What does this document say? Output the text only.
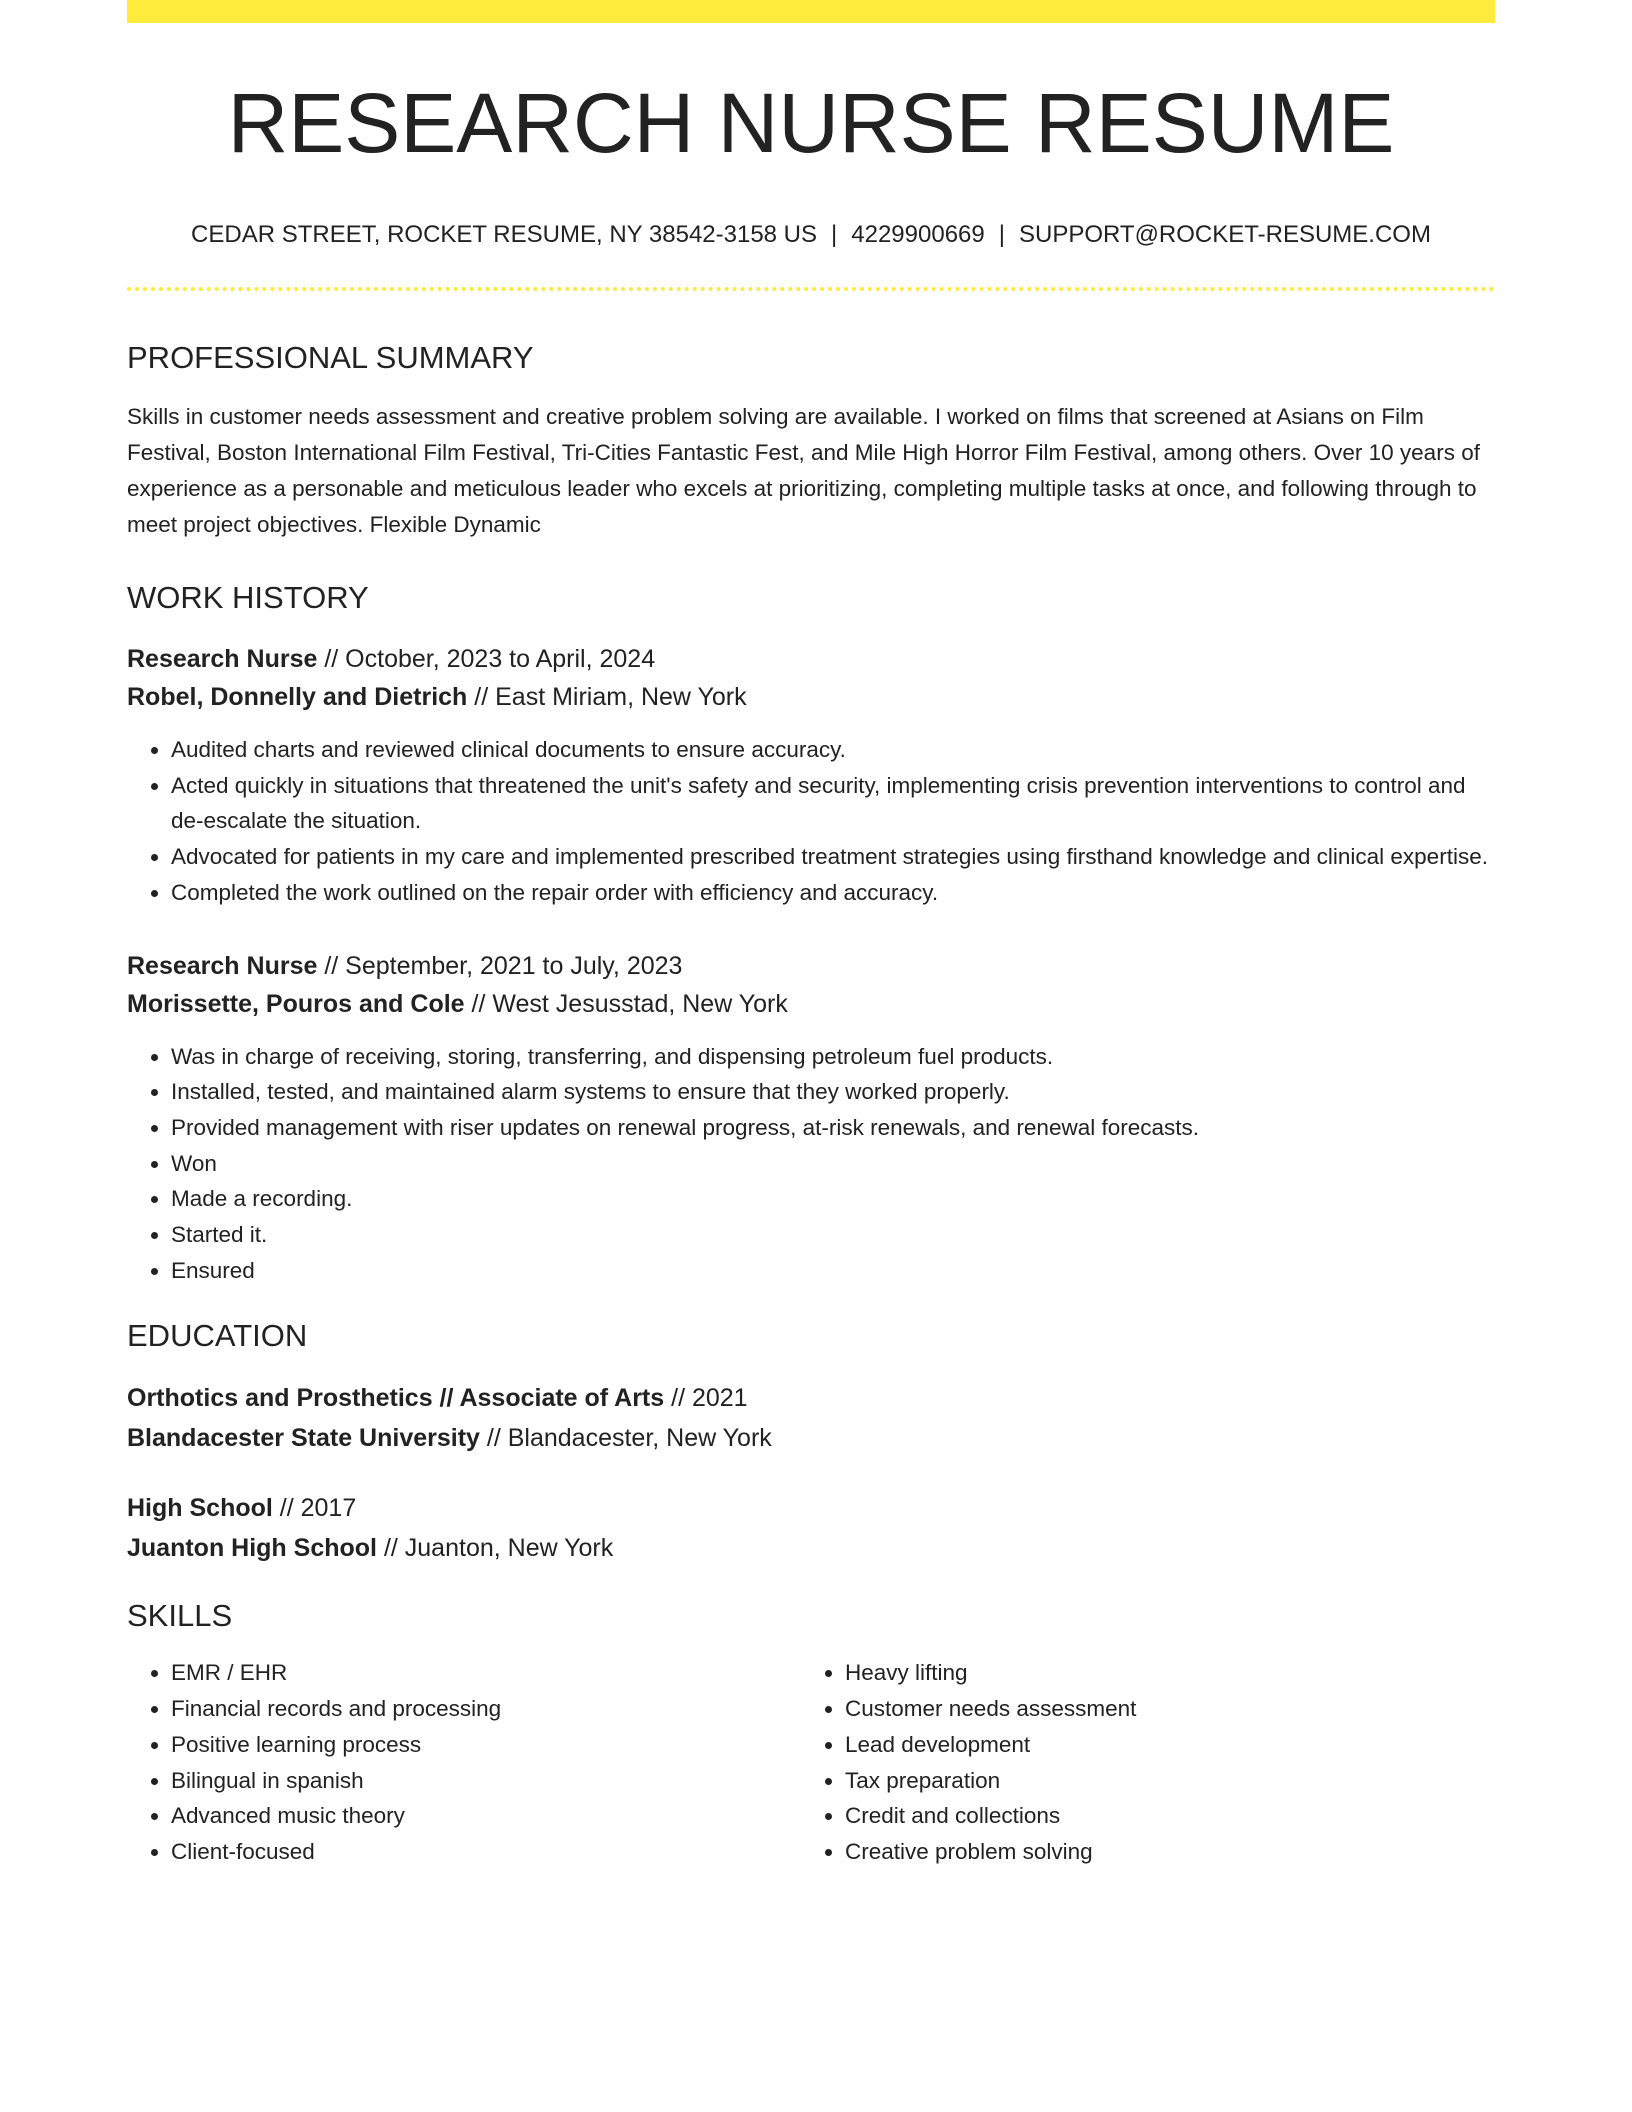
RESEARCH NURSE RESUME
CEDAR STREET, ROCKET RESUME, NY 38542-3158 US | 4229900669 | SUPPORT@ROCKET-RESUME.COM
PROFESSIONAL SUMMARY

Skills in customer needs assessment and creative problem solving are available. I worked on films that screened at Asians on Film Festival, Boston International Film Festival, Tri-Cities Fantastic Fest, and Mile High Horror Film Festival, among others. Over 10 years of experience as a personable and meticulous leader who excels at prioritizing, completing multiple tasks at once, and following through to meet project objectives. Flexible Dynamic

WORK HISTORY
Research Nurse // October, 2023 to April, 2024
Robel, Donnelly and Dietrich // East Miriam, New York
• Audited charts and reviewed clinical documents to ensure accuracy.
• Acted quickly in situations that threatened the unit's safety and security, implementing crisis prevention interventions to control and de-escalate the situation.
• Advocated for patients in my care and implemented prescribed treatment strategies using firsthand knowledge and clinical expertise.
• Completed the work outlined on the repair order with efficiency and accuracy.
Research Nurse // September, 2021 to July, 2023
Morissette, Pouros and Cole // West Jesusstad, New York
• Was in charge of receiving, storing, transferring, and dispensing petroleum fuel products.
• Installed, tested, and maintained alarm systems to ensure that they worked properly.
• Provided management with riser updates on renewal progress, at-risk renewals, and renewal forecasts.
• Won
• Made a recording.
• Started it.
• Ensured
EDUCATION
Orthotics and Prosthetics // Associate of Arts // 2021
Blandacester State University // Blandacester, New York
High School // 2017
Juanton High School // Juanton, New York
SKILLS
• EMR / EHR
• Financial records and processing
• Positive learning process
• Bilingual in spanish
• Advanced music theory
• Client-focused
• Heavy lifting
• Customer needs assessment
• Lead development
• Tax preparation
• Credit and collections
• Creative problem solving
